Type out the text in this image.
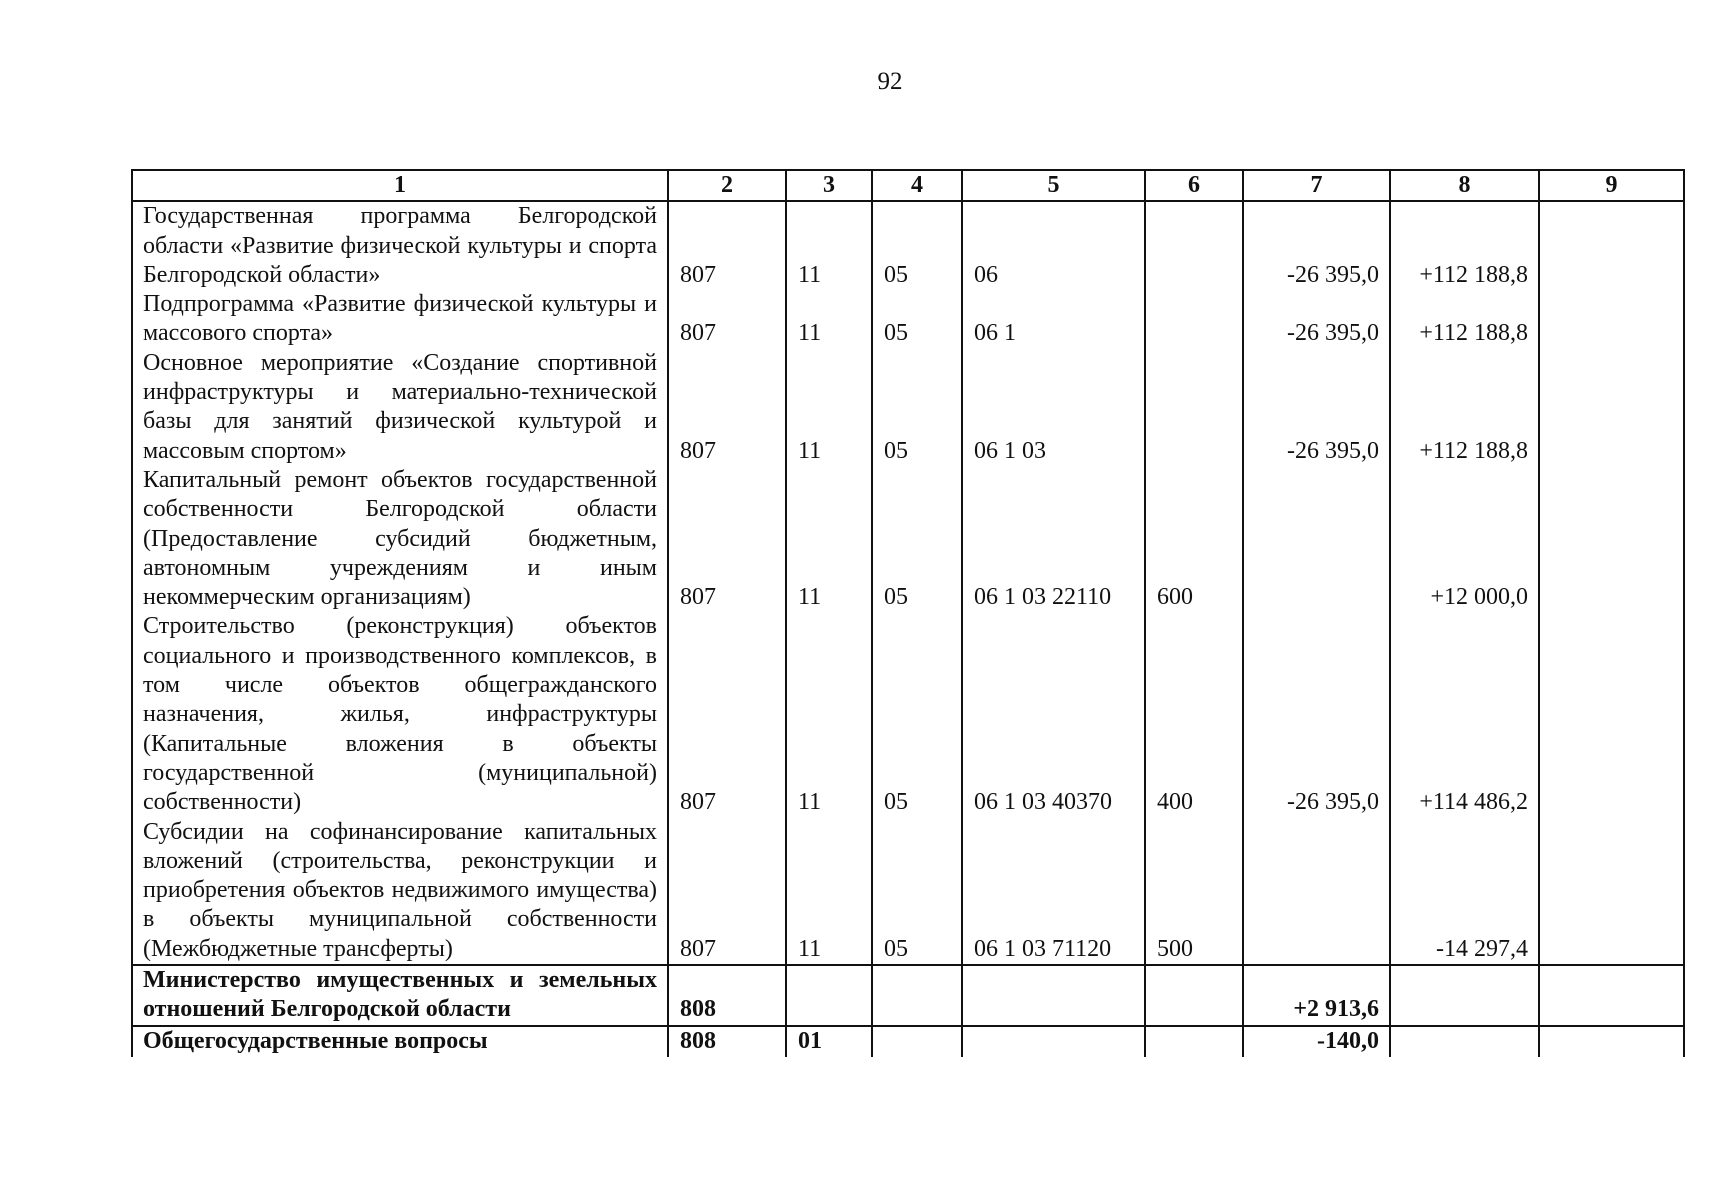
92
1	2	3	4	5	6	7	8	9
Государственная программа Белгородской области «Развитие физической культуры и спорта Белгородской области»	807	11	05	06		-26 395,0	+112 188,8	
Подпрограмма «Развитие физической культуры и массового спорта»	807	11	05	06 1		-26 395,0	+112 188,8	
Основное мероприятие «Создание спортивной инфраструктуры и материально-технической базы для занятий физической культурой и массовым спортом»	807	11	05	06 1 03		-26 395,0	+112 188,8	
Капитальный ремонт объектов государственной собственности Белгородской области (Предоставление субсидий бюджетным, автономным учреждениям и иным некоммерческим организациям)	807	11	05	06 1 03 22110	600		+12 000,0	
Строительство (реконструкция) объектов социального и производственного комплексов, в том числе объектов общегражданского назначения, жилья, инфраструктуры (Капитальные вложения в объекты государственной (муниципальной) собственности)	807	11	05	06 1 03 40370	400	-26 395,0	+114 486,2	
Субсидии на софинансирование капитальных вложений (строительства, реконструкции и приобретения объектов недвижимого имущества) в объекты муниципальной собственности (Межбюджетные трансферты)	807	11	05	06 1 03 71120	500		-14 297,4	
Министерство имущественных и земельных отношений Белгородской области	808					+2 913,6		
Общегосударственные вопросы	808	01				-140,0		
